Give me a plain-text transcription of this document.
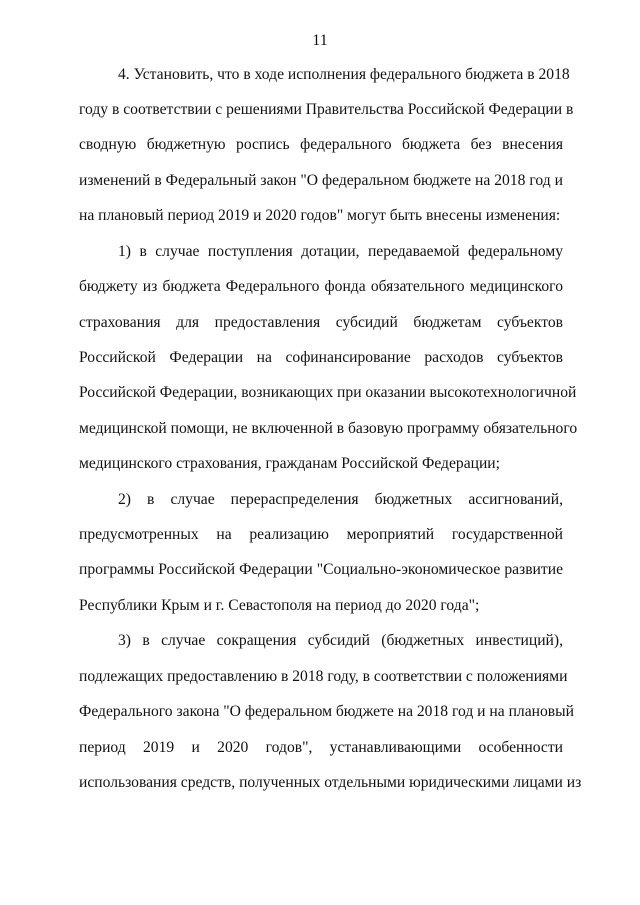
11
4. Установить, что в ходе исполнения федерального бюджета в 2018
году в соответствии с решениями Правительства Российской Федерации в
сводную бюджетную роспись федерального бюджета без внесения
изменений в Федеральный закон "О федеральном бюджете на 2018 год и
на плановый период 2019 и 2020 годов" могут быть внесены изменения:
1) в случае поступления дотации, передаваемой федеральному
бюджету из бюджета Федерального фонда обязательного медицинского
страхования для предоставления субсидий бюджетам субъектов
Российской Федерации на софинансирование расходов субъектов
Российской Федерации, возникающих при оказании высокотехнологичной
медицинской помощи, не включенной в базовую программу обязательного
медицинского страхования, гражданам Российской Федерации;
2) в случае перераспределения бюджетных ассигнований,
предусмотренных на реализацию мероприятий государственной
программы Российской Федерации "Социально-экономическое развитие
Республики Крым и г. Севастополя на период до 2020 года";
3) в случае сокращения субсидий (бюджетных инвестиций),
подлежащих предоставлению в 2018 году, в соответствии с положениями
Федерального закона "О федеральном бюджете на 2018 год и на плановый
период 2019 и 2020 годов", устанавливающими особенности
использования средств, полученных отдельными юридическими лицами из
